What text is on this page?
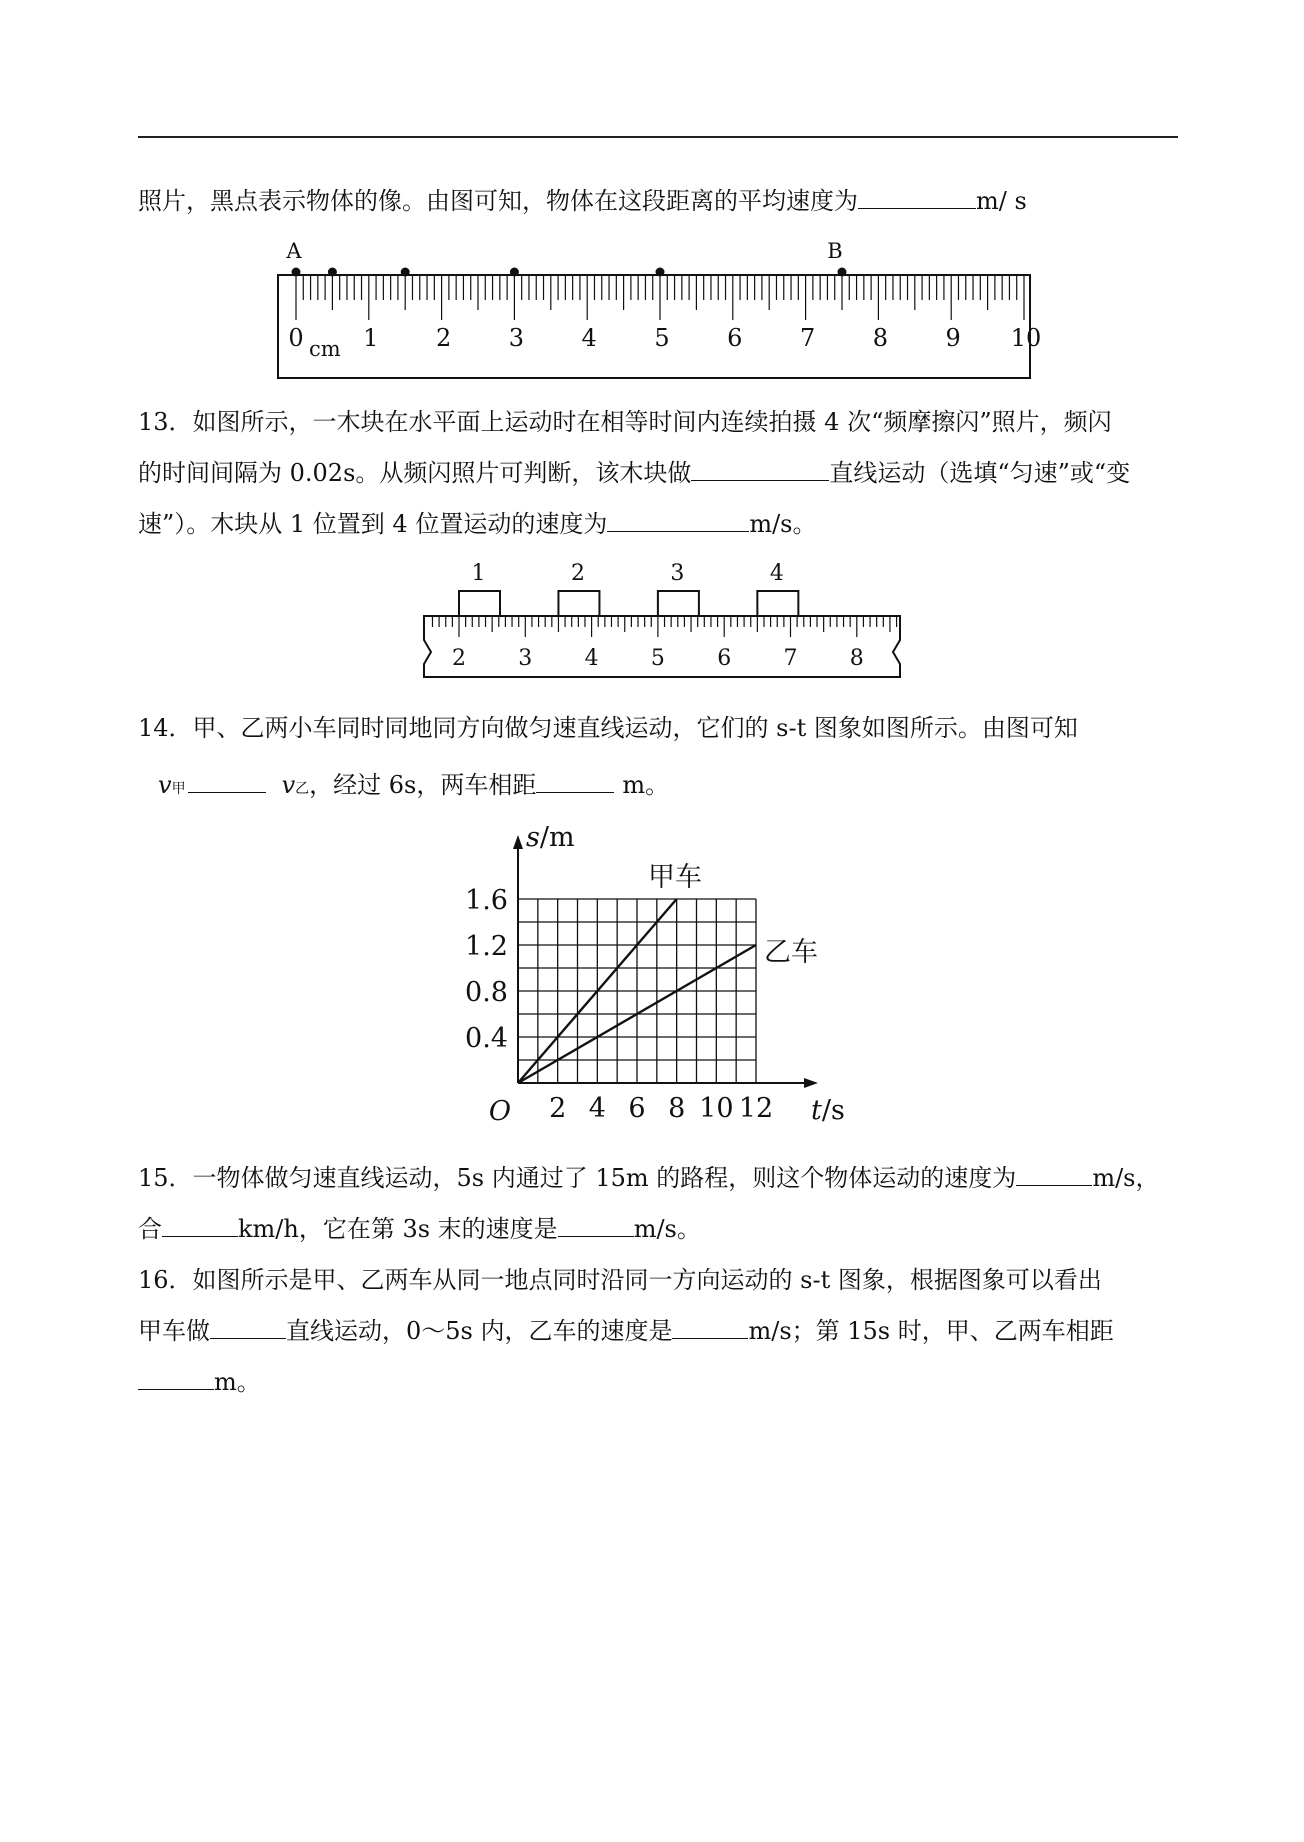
照片，黑点表示物体的像。由图可知，物体在这段距离的平均速度为	m/ s
A	B
0 1 2 3 4 5 6 7 8 9 10
cm
13．如图所示，一木块在水平面上运动时在相等时间内连续拍摄 4 次“频摩擦闪”照片，频闪
的时间间隔为 0.02s。从频闪照片可判断，该木块做	直线运动（选填“匀速”或“变
速”）。木块从 1 位置到 4 位置运动的速度为	m/s。
1	2	3	4
2 3 4 5 6 7 8
14．甲、乙两小车同时同地同方向做匀速直线运动，它们的 s-t 图象如图所示。由图可知
v甲	v乙，经过 6s，两车相距	m。
2 4 6 8 10 12
0.4
0.8
1.2
1.6
O
s/m
t/s
甲车
乙车
15．一物体做匀速直线运动，5s 内通过了 15m 的路程，则这个物体运动的速度为	m/s，
合	km/h，它在第 3s 末的速度是	m/s。
16．如图所示是甲、乙两车从同一地点同时沿同一方向运动的 s-t 图象，根据图象可以看出
甲车做	直线运动，0～5s 内，乙车的速度是	m/s；第 15s 时，甲、乙两车相距
m。
